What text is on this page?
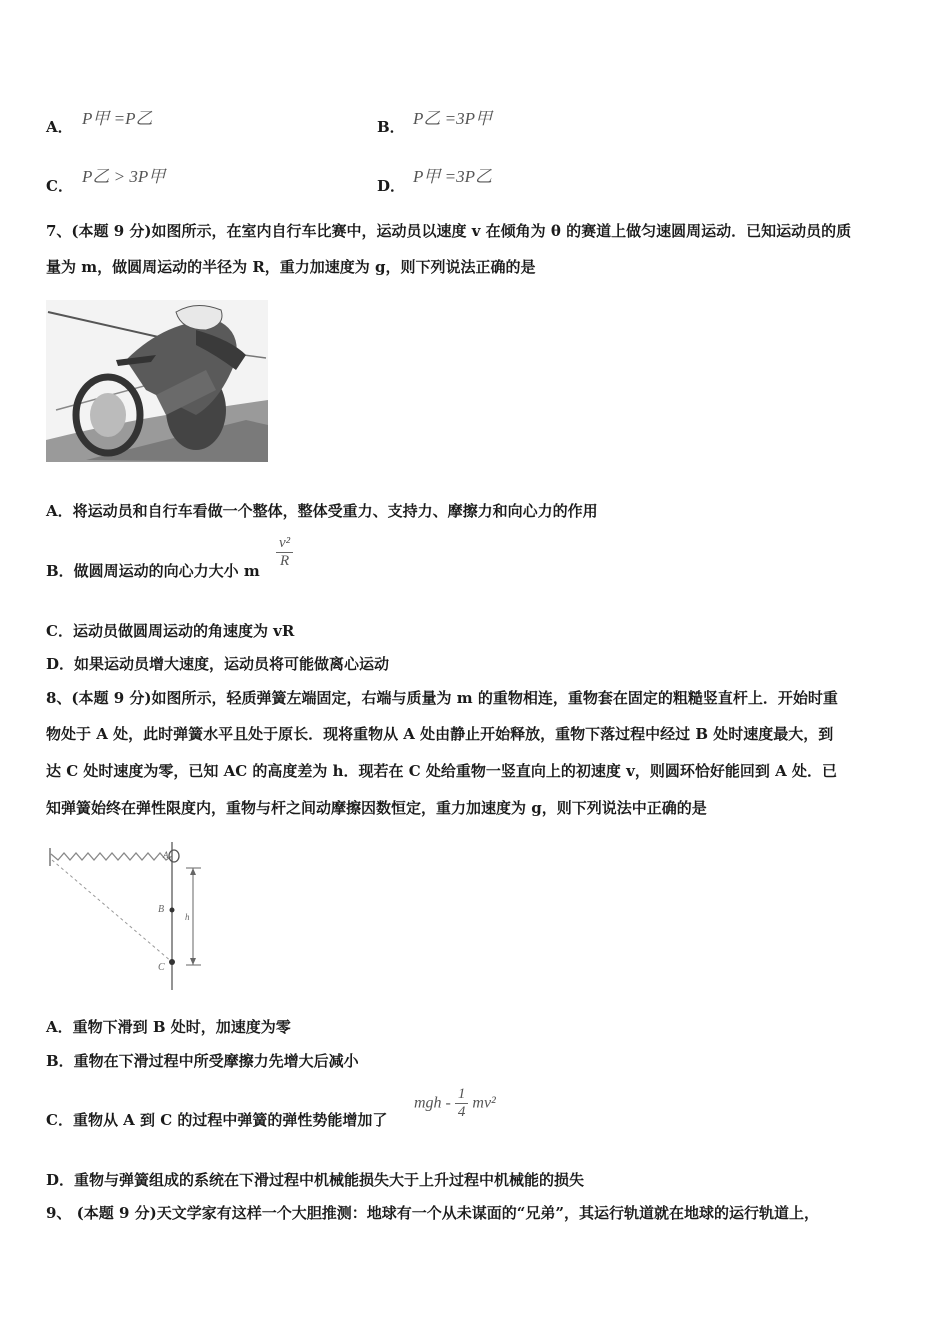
A． P甲 =P乙	B． P乙 =3P甲
C． P乙 > 3P甲	D． P甲 =3P乙
7、(本题 9 分)如图所示，在室内自行车比赛中，运动员以速度 v 在倾角为 θ 的赛道上做匀速圆周运动．已知运动员的质
量为 m，做圆周运动的半径为 R，重力加速度为 g，则下列说法正确的是
A．将运动员和自行车看做一个整体，整体受重力、支持力、摩擦力和向心力的作用
B．做圆周运动的向心力大小 m
$\frac{\text{v²}}{R}$
C．运动员做圆周运动的角速度为 vR
D．如果运动员增大速度，运动员将可能做离心运动
8、(本题 9 分)如图所示，轻质弹簧左端固定，右端与质量为 m 的重物相连，重物套在固定的粗糙竖直杆上．开始时重
物处于 A 处，此时弹簧水平且处于原长．现将重物从 A 处由静止开始释放，重物下落过程中经过 B 处时速度最大，到
达 C 处时速度为零，已知 AC 的高度差为 h．现若在 C 处给重物一竖直向上的初速度 v，则圆环恰好能回到 A 处．已
知弹簧始终在弹性限度内，重物与杆之间动摩擦因数恒定，重力加速度为 g，则下列说法中正确的是
A
B
C
h
A．重物下滑到 B 处时，加速度为零
B．重物在下滑过程中所受摩擦力先增大后减小
C．重物从 A 到 C 的过程中弹簧的弹性势能增加了
mgh - $\frac{1}{4} mv^2$
D．重物与弹簧组成的系统在下滑过程中机械能损失大于上升过程中机械能的损失
9、 (本题 9 分)天文学家有这样一个大胆推测：地球有一个从未谋面的“兄弟”，其运行轨道就在地球的运行轨道上，
